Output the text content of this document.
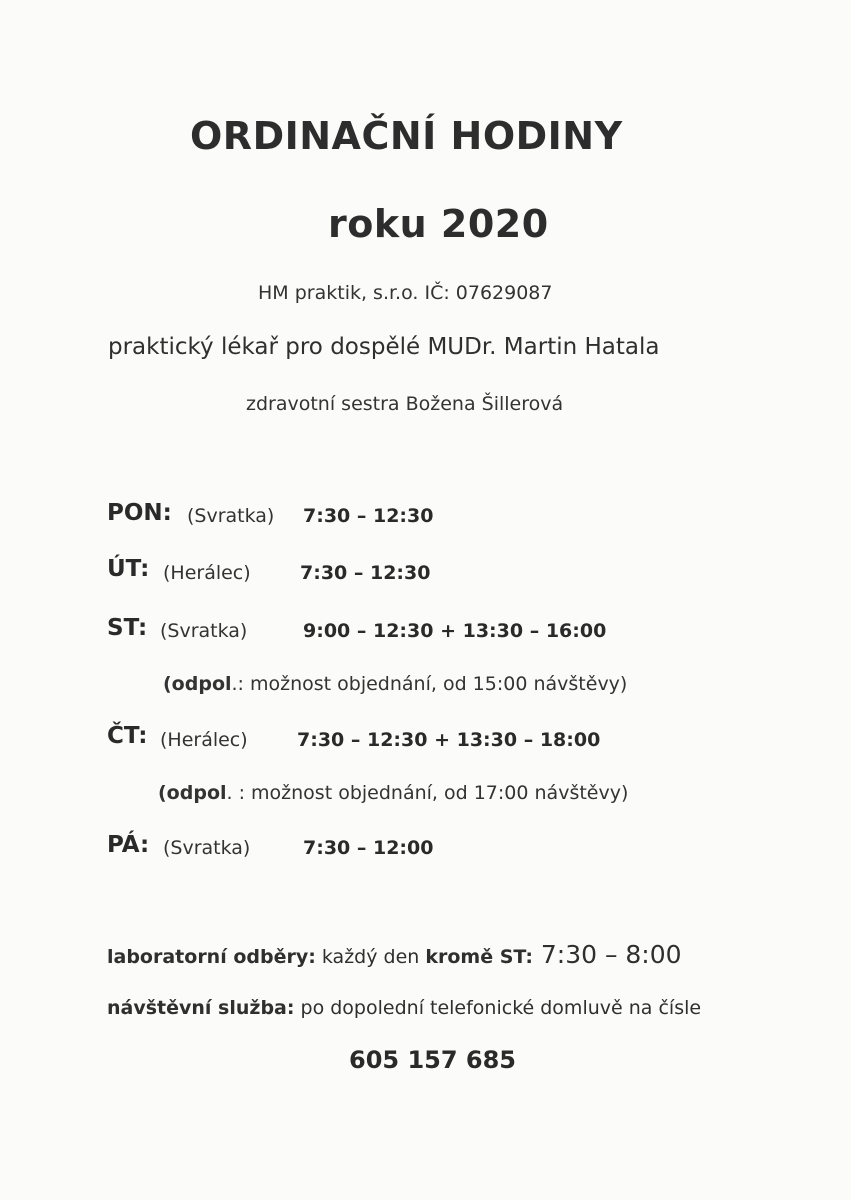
ORDINAČNÍ HODINY
roku 2020
HM praktik, s.r.o. IČ: 07629087
praktický lékař pro dospělé MUDr. Martin Hatala
zdravotní sestra Božena Šillerová
PON: (Svratka) 7:30 – 12:30
ÚT: (Herálec)	7:30 – 12:30
ST: (Svratka)	9:00 – 12:30 + 13:30 – 16:00
(odpol.: možnost objednání, od 15:00 návštěvy)
ČT: (Herálec)	7:30 – 12:30 + 13:30 – 18:00
(odpol. : možnost objednání, od 17:00 návštěvy)
PÁ: (Svratka)	7:30 – 12:00
laboratorní odběry: každý den kromě ST: 7:30 – 8:00
návštěvní služba: po dopolední telefonické domluvě na čísle
605 157 685
